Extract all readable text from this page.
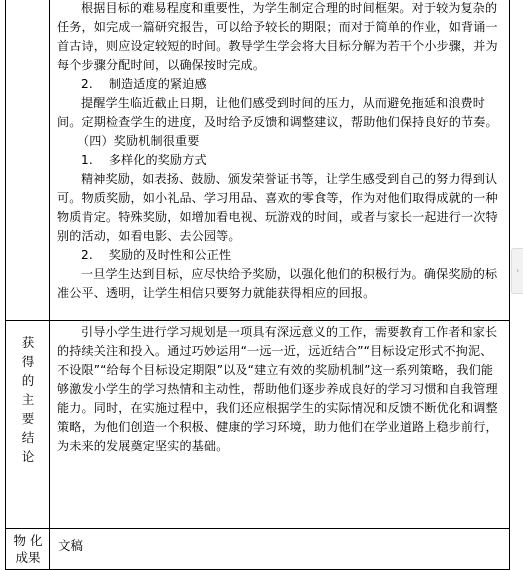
根据目标的难易程度和重要性，为学生制定合理的时间框架。对于较为复杂的任务，如完成一篇研究报告，可以给予较长的期限；而对于简单的作业，如背诵一首古诗，则应设定较短的时间。教导学生学会将大目标分解为若干个小步骤，并为每个步骤分配时间，以确保按时完成。

2.    制造适度的紧迫感

提醒学生临近截止日期，让他们感受到时间的压力，从而避免拖延和浪费时间。定期检查学生的进度，及时给予反馈和调整建议，帮助他们保持良好的节奏。

（四）奖励机制很重要

1.    多样化的奖励方式

精神奖励，如表扬、鼓励、颁发荣誉证书等，让学生感受到自己的努力得到认可。物质奖励，如小礼品、学习用品、喜欢的零食等，作为对他们取得成就的一种物质肯定。特殊奖励，如增加看电视、玩游戏的时间，或者与家长一起进行一次特别的活动，如看电影、去公园等。

2.    奖励的及时性和公正性

一旦学生达到目标，应尽快给予奖励，以强化他们的积极行为。确保奖励的标准公平、透明，让学生相信只要努力就能获得相应的回报。

获
得
的
主
要
结
论

引导小学生进行学习规划是一项具有深远意义的工作，需要教育工作者和家长的持续关注和投入。通过巧妙运用“一远一近，远近结合”“目标设定形式不拘泥、不设限”“给每个目标设定期限”以及“建立有效的奖励机制”这一系列策略，我们能够激发小学生的学习热情和主动性，帮助他们逐步养成良好的学习习惯和自我管理能力。同时，在实施过程中，我们还应根据学生的实际情况和反馈不断优化和调整策略，为他们创造一个积极、健康的学习环境，助力他们在学业道路上稳步前行，为未来的发展奠定坚实的基础。

物 化
成果
文稿
›
